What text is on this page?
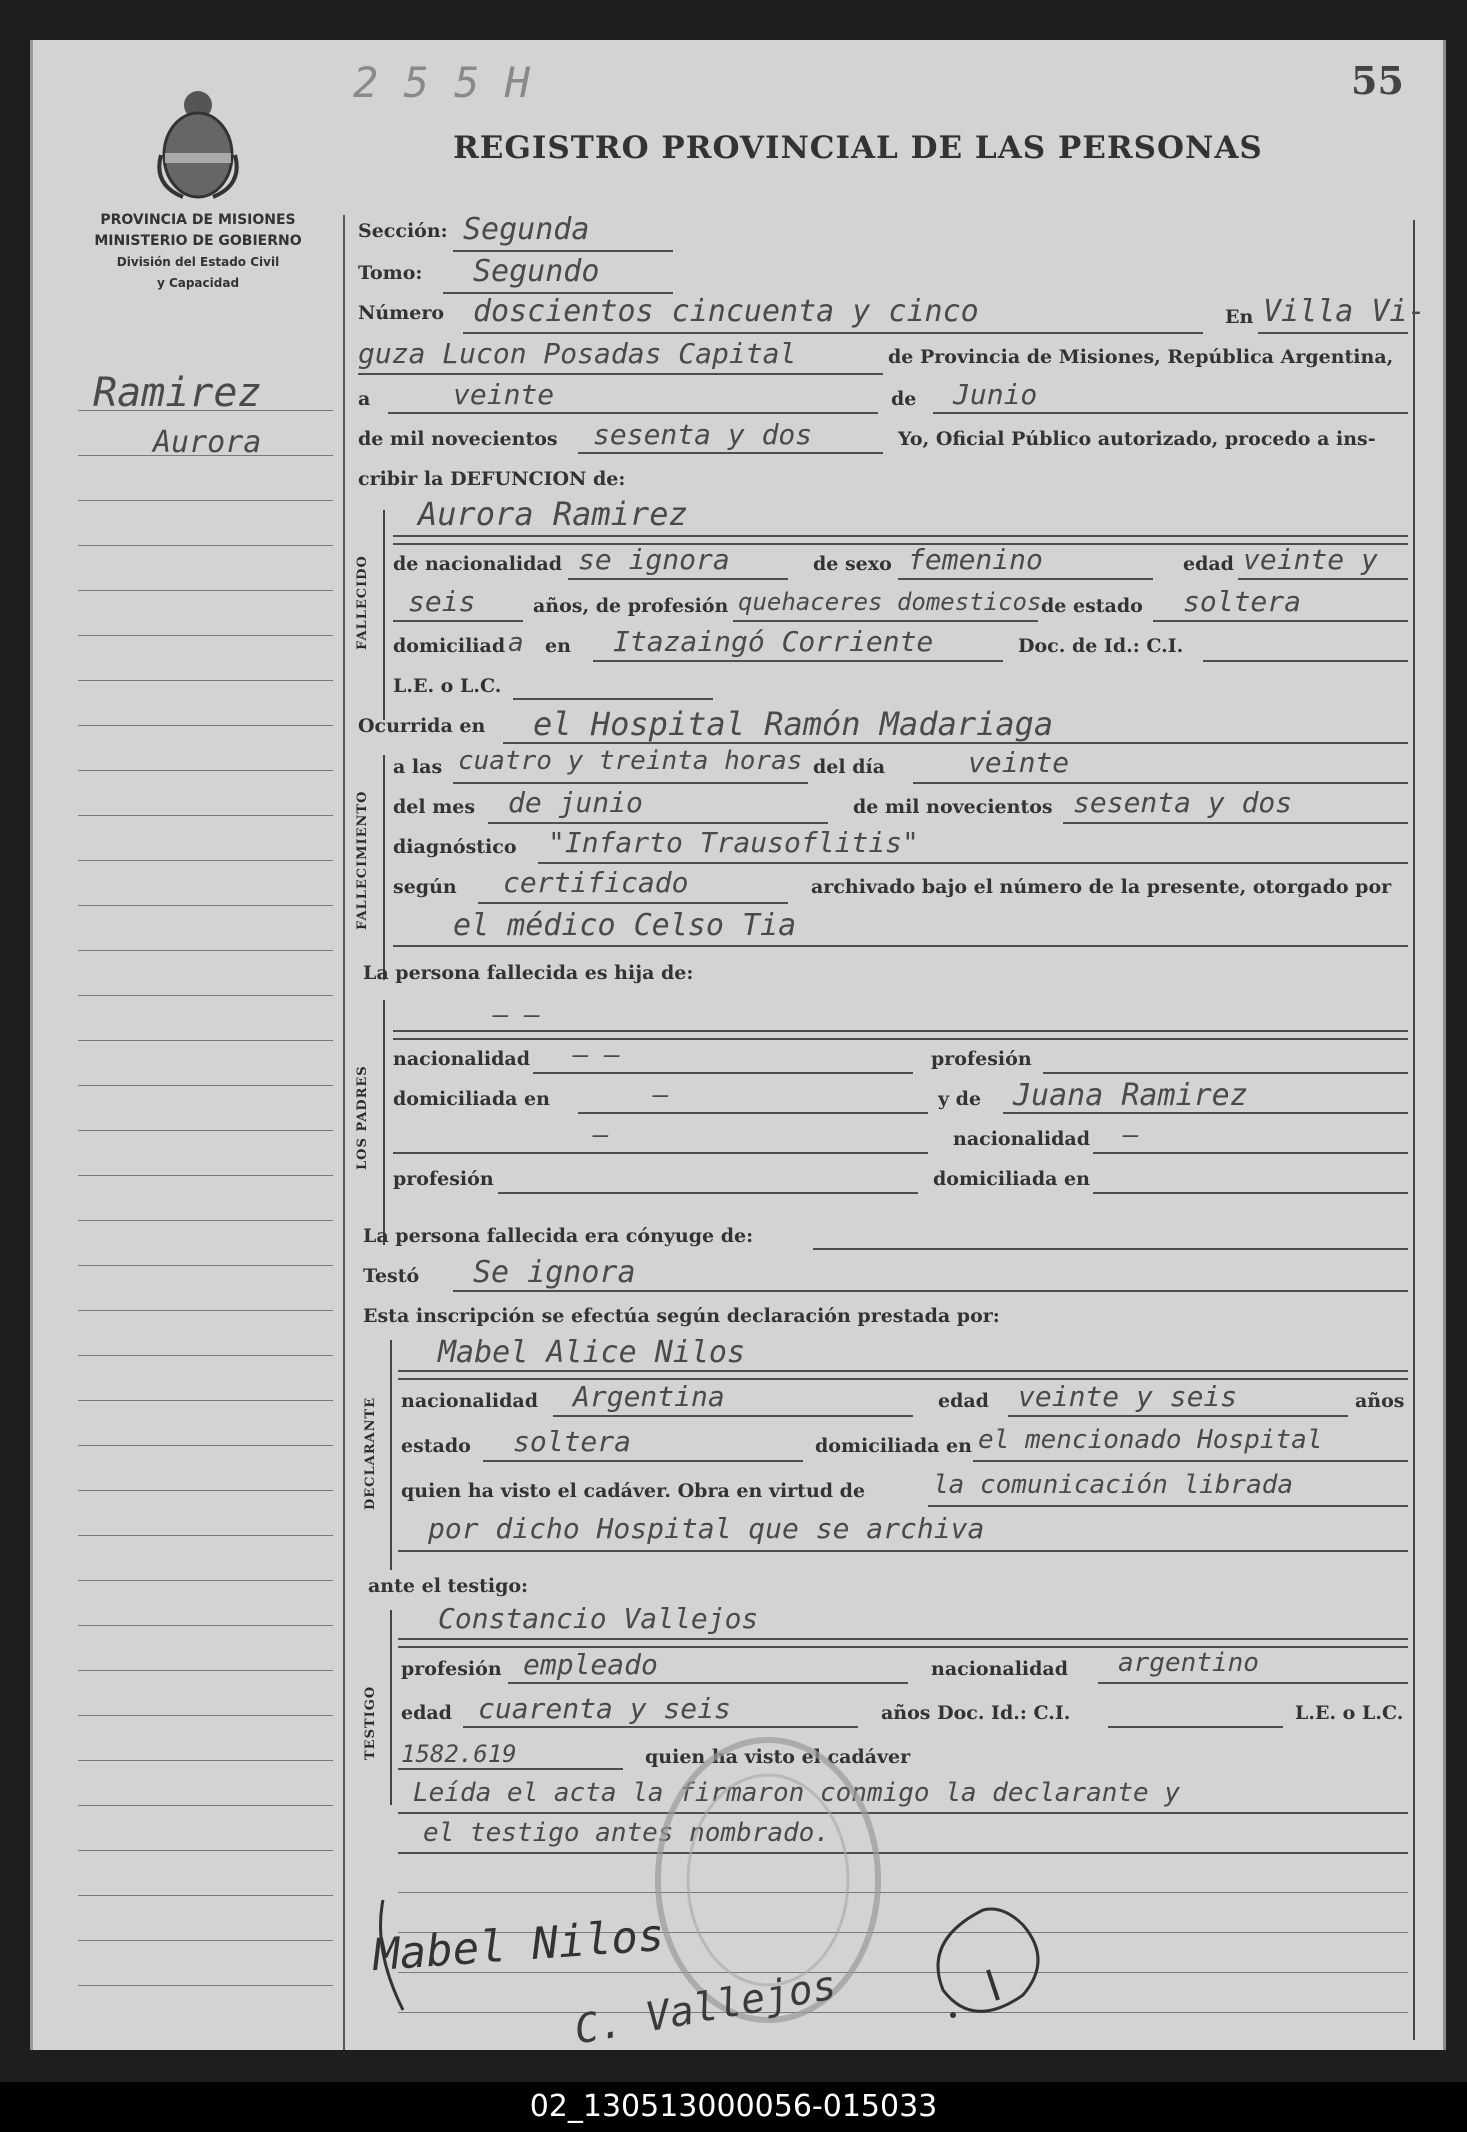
2 5 5 H	55
PROVINCIA DE MISIONES
MINISTERIO DE GOBIERNO
División del Estado Civil
y Capacidad
REGISTRO PROVINCIAL DE LAS PERSONAS
Ramirez
Aurora
Sección: Segunda
Tomo: Segundo
Número doscientos cincuenta y cinco	En Villa Vi-
guza Lucon Posadas Capital	de Provincia de Misiones, República Argentina,
a	veinte	de Junio
de mil novecientos sesenta y dos	Yo, Oficial Público autorizado, procedo a ins-
cribir la DEFUNCION de:
FALLECIDO
Aurora Ramirez
de nacionalidad se ignora	de sexo femenino	edad veinte y
seis	años, de profesión quehaceres domesticos de estado soltera
domiciliad a en Itazaingó Corriente	Doc. de Id.: C.I.
L.E. o L.C.
Ocurrida en el Hospital Ramón Madariaga
FALLECIMIENTO
a las cuatro y treinta horas del día	veinte
del mes de junio	de mil novecientos sesenta y dos
diagnóstico "Infarto Trausoflitis"
según certificado	archivado bajo el número de la presente, otorgado por
el médico Celso Tia
La persona fallecida es hija de:
LOS PADRES
— —
nacionalidad — —	profesión
domiciliada en	—	y de Juana Ramirez
—	nacionalidad —
profesión	domiciliada en
La persona fallecida era cónyuge de:
Testó Se ignora
Esta inscripción se efectúa según declaración prestada por:
DECLARANTE
Mabel Alice Nilos
nacionalidad Argentina	edad veinte y seis	años
estado soltera	domiciliada en el mencionado Hospital
quien ha visto el cadáver. Obra en virtud de	la comunicación librada
por dicho Hospital que se archiva
ante el testigo:
TESTIGO
Constancio Vallejos
profesión empleado	nacionalidad argentino
edad cuarenta y seis	años Doc. Id.: C.I.	L.E. o L.C.
1582.619	quien ha visto el cadáver
Leída el acta la firmaron conmigo la declarante y
el testigo antes nombrado.
Mabel Nilos
C. Vallejos
02_130513000056-015033
